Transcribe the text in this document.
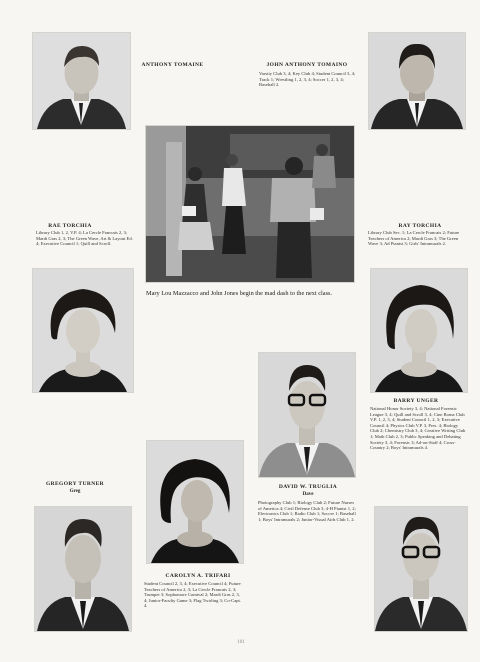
ANTHONY TOMAINE	JOHN ANTHONY TOMAINO
Varsity Club 3, 4; Key Club 4; Student Council 3, 4; Track 1; Wrestling 1, 2, 3, 4; Soccer 1, 2, 3, 4; Baseball 2.
RAE TORCHIA
Library Club 1, 2, V.P. 4; La Cercle Francais 2, 3; Mardi Gras 2, 3; The Green Wave, Art & Layout Ed. 4; Executive Council 1; Quill and Scroll.
RAY TORCHIA
Library Club Sec. 1; La Cercle Francais 2; Future Teachers of America 2; Mardi Gras 3; The Green Wave 3; Ad Pianist 3; Girls' Intramurals 2.
Mary Lou Mazzacco and John Jones begin the mad dash to the next class.
BARRY UNGER
National Honor Society 3, 4; National Forensic League 3, 4; Quill and Scroll 3, 4; Cine Roma Club V.P. 1, 2, 3, 4; Student Council 1, 2, 3; Executive Council 4; Physics Club V.P. 3, Pres. 4; Biology Club 2; Chemistry Club 3, 4; Creative Writing Club 1; Math Club 2, 3; Public Speaking and Debating Society 3, 4; Forensic 3; Ad-on-Staff 4; Cross-Country 2; Boys' Intramurals 4.
DAVID W. TRUGLIA
Dave
Photography Club 1; Biology Club 2; Future Nurses of America 4; Civil Defense Club 3; 4-H Pianist 1, 2; Electronics Club 1; Radio Club 1; Soccer 1; Baseball 1; Boys' Intramurals 2; Junior-Visual Aids Club 1, 2.
GREGORY TURNER
Greg
CAROLYN A. TRIFARI
Student Council 2, 3, 4; Executive Council 4; Future Teachers of America 2, 3; La Cercle Francais 2, 3; Trumpet 3; Sophomore Carnival 2; Mardi Gras 2, 3, 4; Junior-Faculty Game 3; Flag Twirling 3; Co-Capt. 4.
101
